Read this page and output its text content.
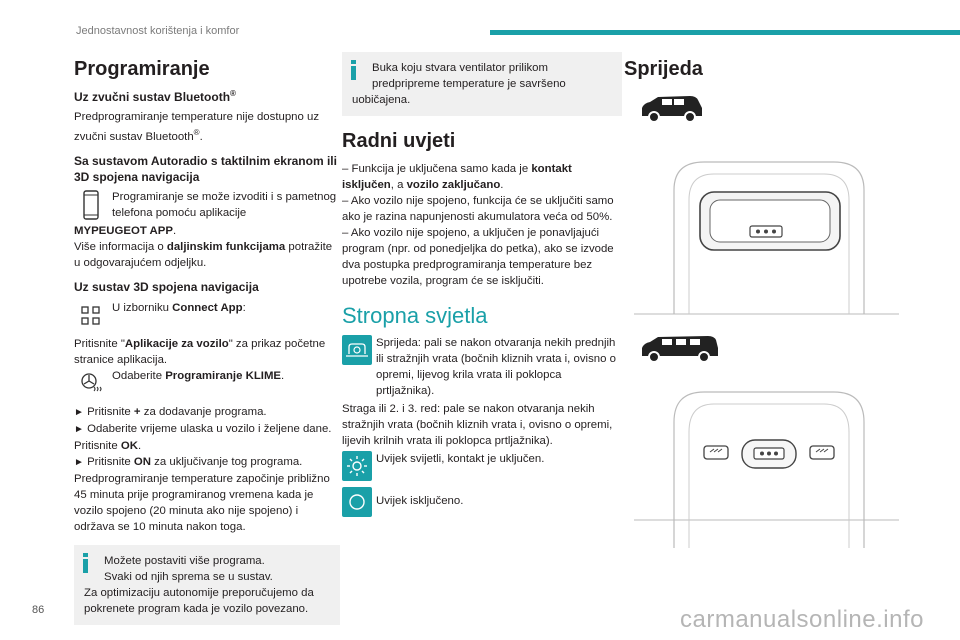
Jednostavnost korištenja i komfor
Programiranje
Uz zvučni sustav Bluetooth®

Predprogramiranje temperature nije dostupno uz zvučni sustav Bluetooth®.

Sa sustavom Autoradio s taktilnim ekranom ili 3D spojena navigacija

Programiranje se može izvoditi i s pametnog telefona pomoću aplikacije

MYPEUGEOT APP.

Više informacija o daljinskim funkcijama potražite u odgovarajućem odjeljku.

Uz sustav 3D spojena navigacija

U izborniku Connect App:

Pritisnite "Aplikacije za vozilo" za prikaz početne stranice aplikacija.

Odaberite Programiranje KLIME.

► Pritisnite + za dodavanje programa.

► Odaberite vrijeme ulaska u vozilo i željene dane. Pritisnite OK.

► Pritisnite ON za uključivanje tog programa.

Predprogramiranje temperature započinje približno 45 minuta prije programiranog vremena kada je vozilo spojeno (20 minuta ako nije spojeno) i održava se 10 minuta nakon toga.

Možete postaviti više programa.

Svaki od njih sprema se u sustav.

Za optimizaciju autonomije preporučujemo da pokrenete program kada je vozilo povezano.

Buka koju stvara ventilator prilikom predpripreme temperature je savršeno

uobičajena.

Radni uvjeti

– Funkcija je uključena samo kada je kontakt isključen, a vozilo zaključano.

– Ako vozilo nije spojeno, funkcija će se uključiti samo ako je razina napunjenosti akumulatora veća od 50%.

– Ako vozilo nije spojeno, a uključen je ponavljajući program (npr. od ponedjeljka do petka), ako se izvode dva postupka predprogramiranja temperature bez upotrebe vozila, program će se isključiti.

Stropna svjetla

Sprijeda: pali se nakon otvaranja nekih prednjih ili stražnjih vrata (bočnih kliznih vrata i, ovisno o opremi, lijevog krila vrata ili poklopca prtljažnika).

Straga ili 2. i 3. red: pale se nakon otvaranja nekih stražnjih vrata (bočnih kliznih vrata i, ovisno o opremi, lijevih krilnih vrata ili poklopca prtljažnika).

Uvijek svijetli, kontakt je uključen.

Uvijek isključeno.

Sprijeda
86	carmanualsonline.info
